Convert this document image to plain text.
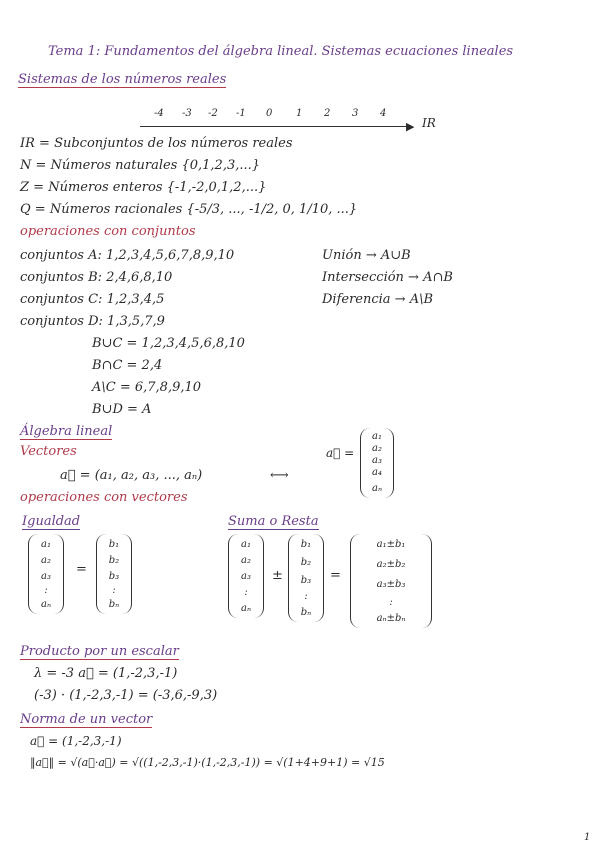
Tema 1: Fundamentos del álgebra lineal. Sistemas ecuaciones lineales
Sistemas de los números reales
▶ IR
-4 -3 -2 -1 0 1 2 3 4
IR = Subconjuntos de los números reales
N = Números naturales {0,1,2,3,...}
Z = Números enteros {-1,-2,0,1,2,...}
Q = Números racionales {-5/3, ..., -1/2, 0, 1/10, ...}
operaciones con conjuntos
conjuntos A: 1,2,3,4,5,6,7,8,9,10
conjuntos B: 2,4,6,8,10
conjuntos C: 1,2,3,4,5
conjuntos D: 1,3,5,7,9
Unión → A∪B
Intersección → A∩B
Diferencia → A\B
B∪C = 1,2,3,4,5,6,8,10
B∩C = 2,4
A\C = 6,7,8,9,10
B∪D = A
Álgebra lineal
Vectores
a⃗ = (a₁, a₂, a₃, ..., aₙ)	⟷
a⃗ =
a₁
a₂
a₃
a₄
aₙ
operaciones con vectores
Igualdad	Suma o Resta
a₁
a₂
a₃
:
aₙ
=
b₁
b₂
b₃
:
bₙ
a₁
a₂
a₃
:
aₙ
±
b₁
b₂
b₃
:
bₙ
=
a₁±b₁
a₂±b₂
a₃±b₃
:
aₙ±bₙ
Producto por un escalar
λ = -3 a⃗ = (1,-2,3,-1)
(-3) · (1,-2,3,-1) = (-3,6,-9,3)
Norma de un vector
a⃗ = (1,-2,3,-1)
‖a⃗‖ = √(a⃗·a⃗) = √((1,-2,3,-1)·(1,-2,3,-1)) = √(1+4+9+1) = √15
1
